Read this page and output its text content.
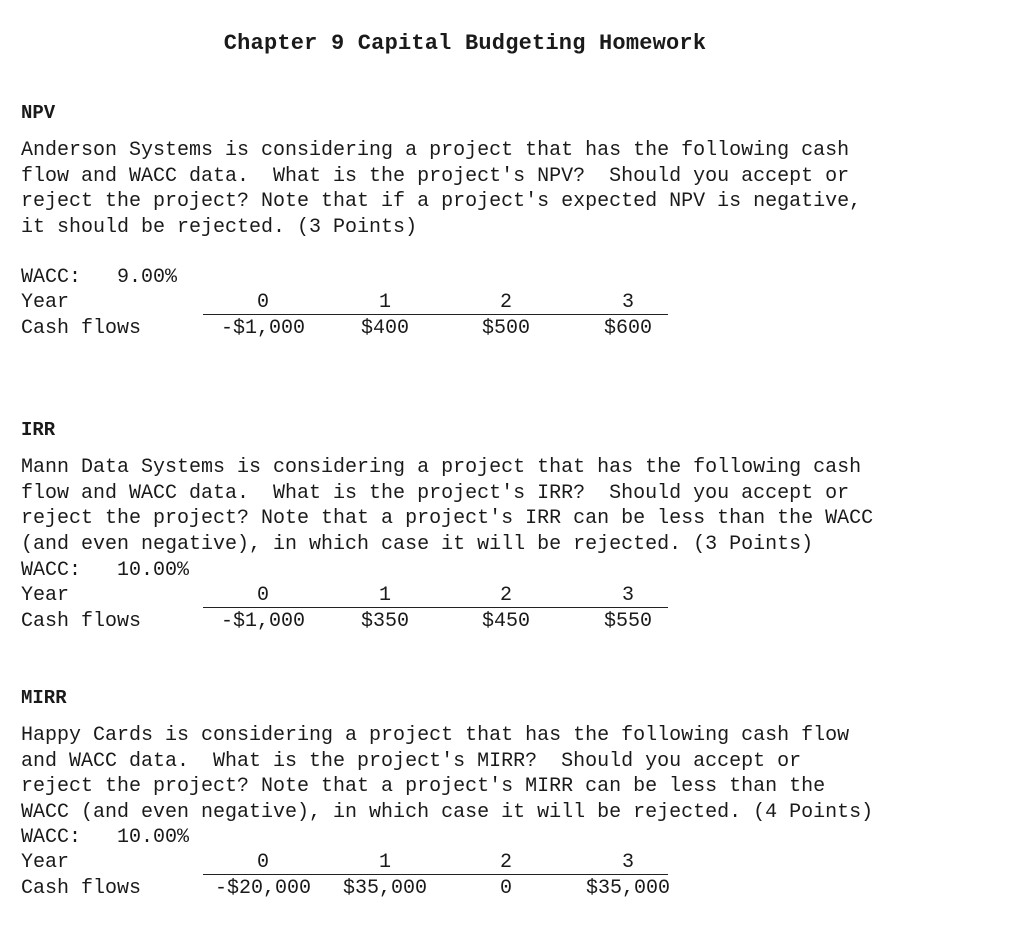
Chapter 9 Capital Budgeting Homework
NPV

Anderson Systems is considering a project that has the following cash
flow and WACC data.  What is the project's NPV?  Should you accept or
reject the project? Note that if a project's expected NPV is negative,
it should be rejected. (3 Points)

WACC: 9.00%
Year	0	1	2	3
Cash flows	-$1,000	$400	$500	$600
IRR

Mann Data Systems is considering a project that has the following cash
flow and WACC data.  What is the project's IRR?  Should you accept or
reject the project? Note that a project's IRR can be less than the WACC
(and even negative), in which case it will be rejected. (3 Points)

WACC: 10.00%
Year	0	1	2	3
Cash flows	-$1,000	$350	$450	$550
MIRR

Happy Cards is considering a project that has the following cash flow
and WACC data.  What is the project's MIRR?  Should you accept or
reject the project? Note that a project's MIRR can be less than the
WACC (and even negative), in which case it will be rejected. (4 Points)

WACC: 10.00%
Year	0	1	2	3
Cash flows	-$20,000	$35,000	0	$35,000
